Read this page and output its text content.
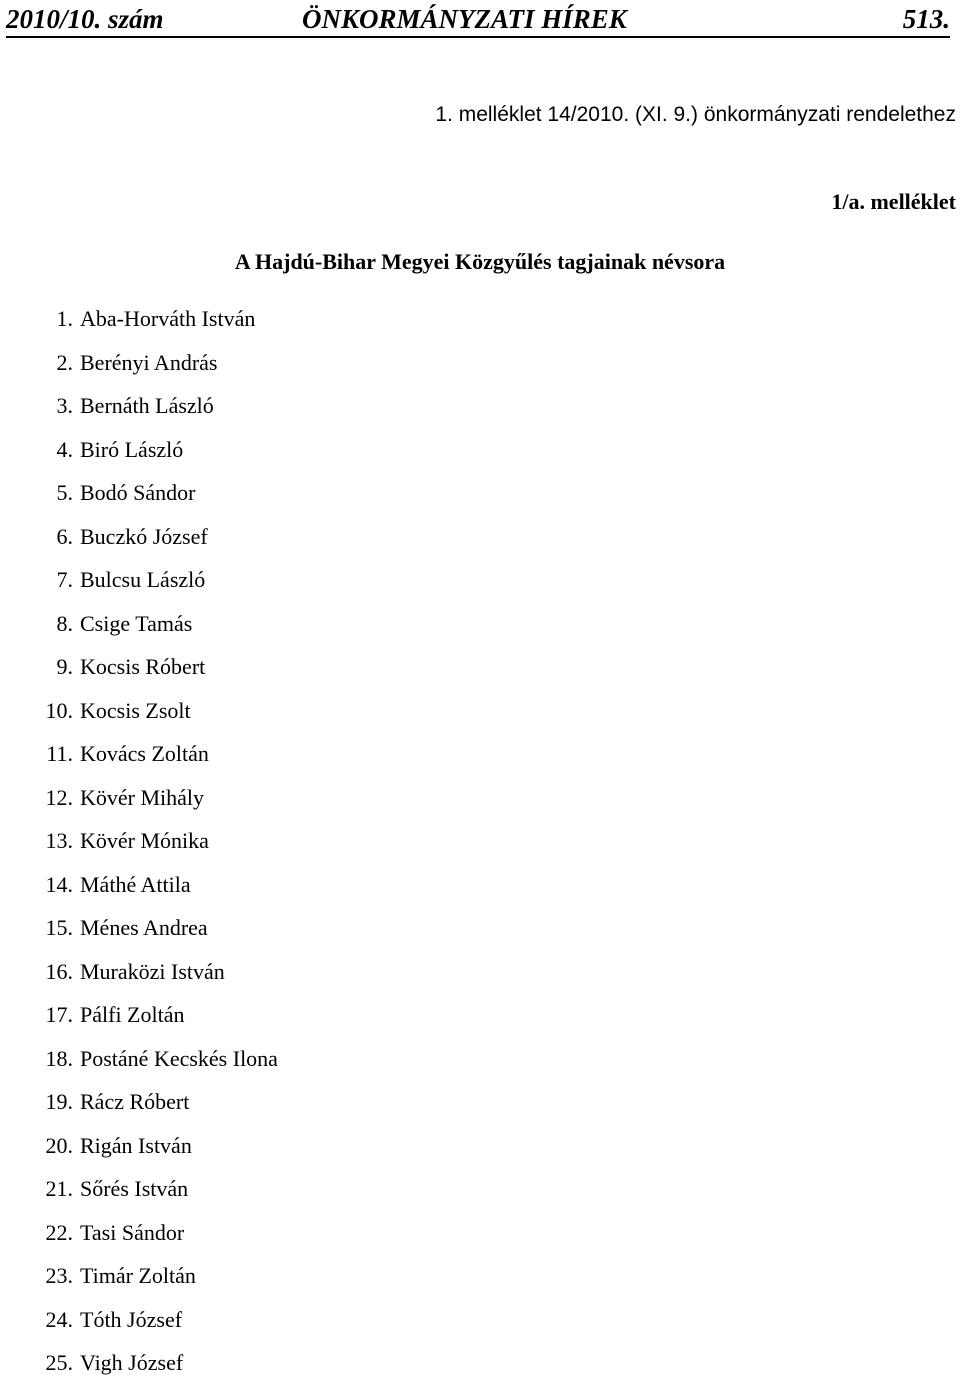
2010/10. szám	ÖNKORMÁNYZATI HÍREK	513.
1. melléklet 14/2010. (XI. 9.) önkormányzati rendelethez
1/a. melléklet
A Hajdú-Bihar Megyei Közgyűlés tagjainak névsora
1. Aba-Horváth István
2. Berényi András
3. Bernáth László
4. Biró László
5. Bodó Sándor
6. Buczkó József
7. Bulcsu László
8. Csige Tamás
9. Kocsis Róbert
10. Kocsis Zsolt
11. Kovács Zoltán
12. Kövér Mihály
13. Kövér Mónika
14. Máthé Attila
15. Ménes Andrea
16. Muraközi István
17. Pálfi Zoltán
18. Postáné Kecskés Ilona
19. Rácz Róbert
20. Rigán István
21. Sőrés István
22. Tasi Sándor
23. Timár Zoltán
24. Tóth József
25. Vigh József
